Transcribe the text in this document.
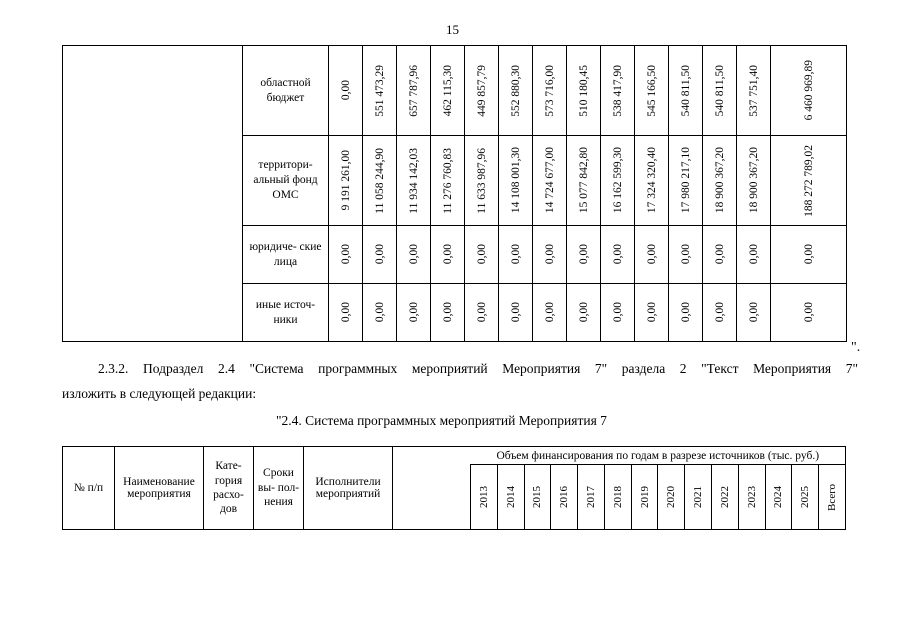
15
	областной бюджет	0,00	551 473,29	657 787,96	462 115,30	449 857,79	552 880,30	573 716,00	510 180,45	538 417,90	545 166,50	540 811,50	540 811,50	537 751,40	6 460 969,89

	территори- альный фонд ОМС	9 191 261,00	11 058 244,90	11 934 142,03	11 276 760,83	11 633 987,96	14 108 001,30	14 724 677,00	15 077 842,80	16 162 599,30	17 324 320,40	17 980 217,10	18 900 367,20	18 900 367,20	188 272 789,02

	юридиче- ские лица	0,00	0,00	0,00	0,00	0,00	0,00	0,00	0,00	0,00	0,00	0,00	0,00	0,00	0,00

	иные источ- ники	0,00	0,00	0,00	0,00	0,00	0,00	0,00	0,00	0,00	0,00	0,00	0,00	0,00	0,00
".
2.3.2. Подраздел 2.4 "Система программных мероприятий Мероприятия 7" раздела 2 "Текст Мероприятия 7"
изложить в следующей редакции:
"2.4. Система программных мероприятий Мероприятия 7
№ п/п	Наименование мероприятия	Кате- гория расхо- дов	Сроки вы- пол- нения	Исполнители мероприятий		Объем финансирования по годам в разрезе источников (тыс. руб.)													

						2013	2014	2015	2016	2017	2018	2019	2020	2021	2022	2023	2024	2025	Всего
